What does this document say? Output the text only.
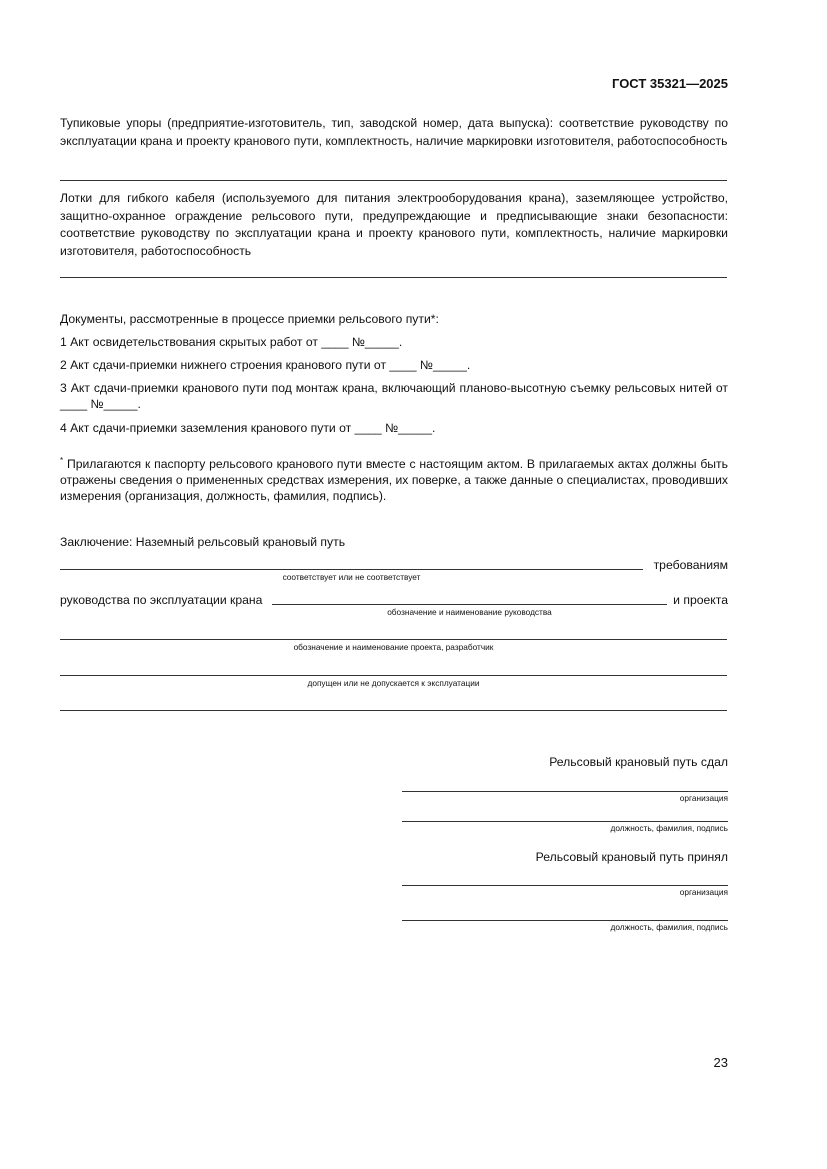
ГОСТ 35321—2025
Тупиковые упоры (предприятие-изготовитель, тип, заводской номер, дата выпуска): соответствие руководству по эксплуатации крана и проекту кранового пути, комплектность, наличие маркировки изготовителя, работоспособность
Лотки для гибкого кабеля (используемого для питания электрооборудования крана), заземляющее устройство, защитно-охранное ограждение рельсового пути, предупреждающие и предписывающие знаки безопасности: соответствие руководству по эксплуатации крана и проекту кранового пути, комплектность, наличие маркировки изготовителя, работоспособность
Документы, рассмотренные в процессе приемки рельсового пути*:
1 Акт освидетельствования скрытых работ от ____ №_____.
2 Акт сдачи-приемки нижнего строения кранового пути от ____ №_____.
3 Акт сдачи-приемки кранового пути под монтаж крана, включающий планово-высотную съемку рельсовых нитей от ____ №_____.
4 Акт сдачи-приемки заземления кранового пути от ____ №_____.
* Прилагаются к паспорту рельсового кранового пути вместе с настоящим актом. В прилагаемых актах должны быть отражены сведения о примененных средствах измерения, их поверке, а также данные о специалистах, проводивших измерения (организация, должность, фамилия, подпись).
Заключение: Наземный рельсовый крановый путь
требованиям
соответствует или не соответствует
руководства по эксплуатации крана	и проекта
обозначение и наименование руководства
обозначение и наименование проекта, разработчик
допущен или не допускается к эксплуатации
Рельсовый крановый путь сдал
организация
должность, фамилия, подпись
Рельсовый крановый путь принял
организация
должность, фамилия, подпись
23
